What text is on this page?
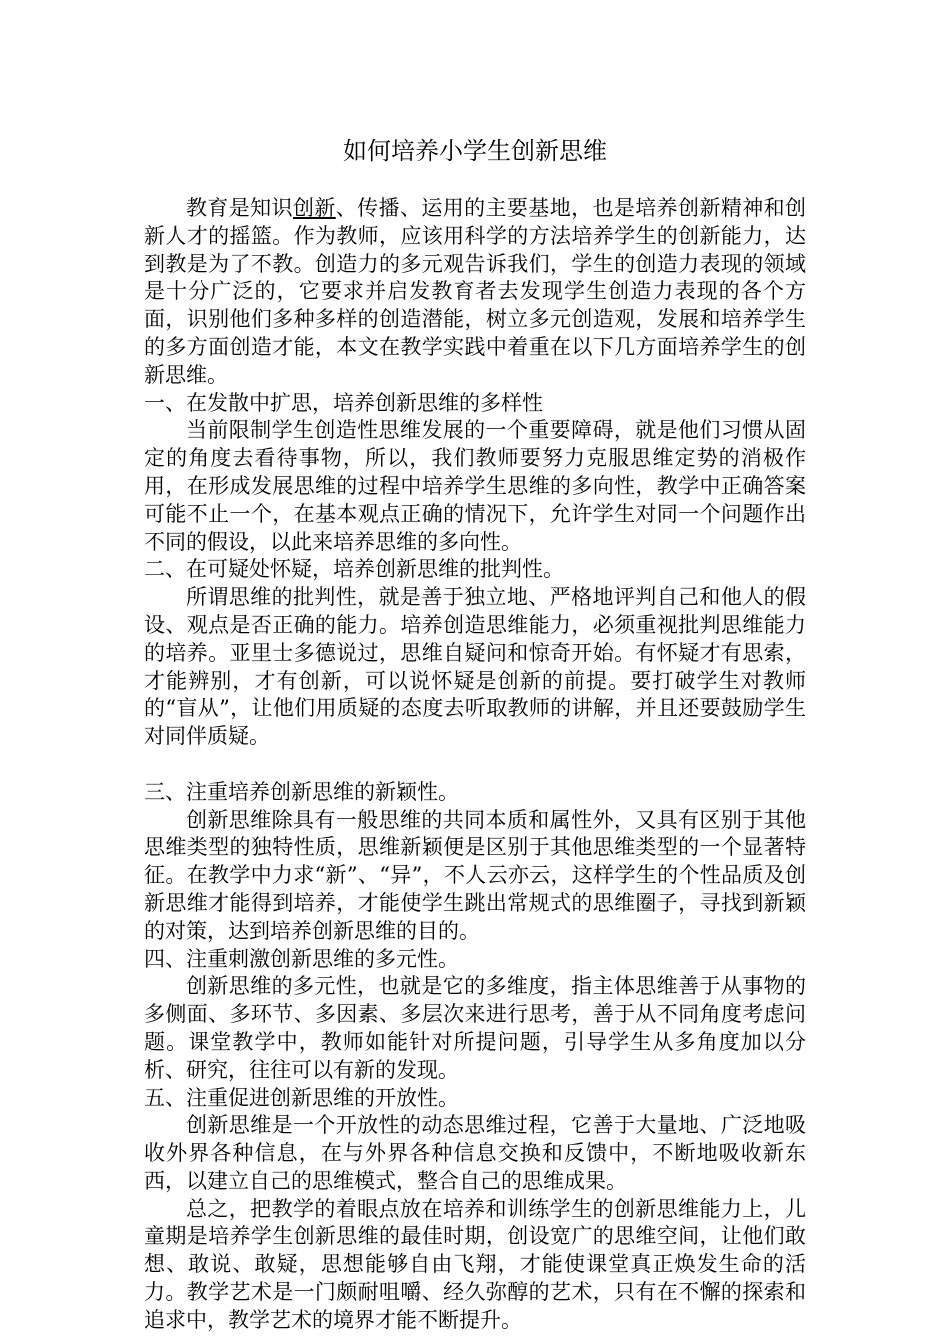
如何培养小学生创新思维

教育是知识创新、传播、运用的主要基地，也是培养创新精神和创新人才的摇篮。作为教师，应该用科学的方法培养学生的创新能力，达到教是为了不教。创造力的多元观告诉我们，学生的创造力表现的领域是十分广泛的，它要求并启发教育者去发现学生创造力表现的各个方面，识别他们多种多样的创造潜能，树立多元创造观，发展和培养学生的多方面创造才能，本文在教学实践中着重在以下几方面培养学生的创新思维。

一、在发散中扩思，培养创新思维的多样性

当前限制学生创造性思维发展的一个重要障碍，就是他们习惯从固定的角度去看待事物，所以，我们教师要努力克服思维定势的消极作用，在形成发展思维的过程中培养学生思维的多向性，教学中正确答案可能不止一个，在基本观点正确的情况下，允许学生对同一个问题作出不同的假设，以此来培养思维的多向性。

二、在可疑处怀疑，培养创新思维的批判性。

所谓思维的批判性，就是善于独立地、严格地评判自己和他人的假设、观点是否正确的能力。培养创造思维能力，必须重视批判思维能力的培养。亚里士多德说过，思维自疑问和惊奇开始。有怀疑才有思索，才能辨别，才有创新，可以说怀疑是创新的前提。要打破学生对教师的“盲从”，让他们用质疑的态度去听取教师的讲解，并且还要鼓励学生对同伴质疑。

三、注重培养创新思维的新颖性。

创新思维除具有一般思维的共同本质和属性外，又具有区别于其他思维类型的独特性质，思维新颖便是区别于其他思维类型的一个显著特征。在教学中力求“新”、“异”，不人云亦云，这样学生的个性品质及创新思维才能得到培养，才能使学生跳出常规式的思维圈子，寻找到新颖的对策，达到培养创新思维的目的。

四、注重刺激创新思维的多元性。

创新思维的多元性，也就是它的多维度，指主体思维善于从事物的多侧面、多环节、多因素、多层次来进行思考，善于从不同角度考虑问题。课堂教学中，教师如能针对所提问题，引导学生从多角度加以分析、研究，往往可以有新的发现。

五、注重促进创新思维的开放性。

创新思维是一个开放性的动态思维过程，它善于大量地、广泛地吸收外界各种信息，在与外界各种信息交换和反馈中，不断地吸收新东西，以建立自己的思维模式，整合自己的思维成果。

总之，把教学的着眼点放在培养和训练学生的创新思维能力上，儿童期是培养学生创新思维的最佳时期，创设宽广的思维空间，让他们敢想、敢说、敢疑，思想能够自由飞翔，才能使课堂真正焕发生命的活力。教学艺术是一门颇耐咀嚼、经久弥醇的艺术，只有在不懈的探索和追求中，教学艺术的境界才能不断提升。
